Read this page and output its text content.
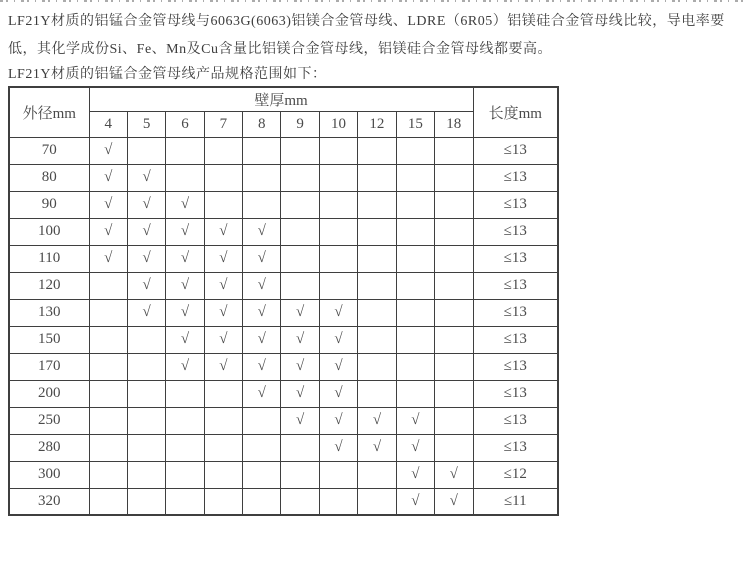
LF21Y材质的铝锰合金管母线与6063G(6063)铝镁合金管母线、LDRE（6R05）铝镁硅合金管母线比较，导电率要低，其化学成份Si、Fe、Mn及Cu含量比铝镁合金管母线，铝镁硅合金管母线都要高。

LF21Y材质的铝锰合金管母线产品规格范围如下：

外径mm	壁厚mm										长度mm
	4	5	6	7	8	9	10	12	15	18	
70	√										≤13
80	√	√									≤13
90	√	√	√								≤13
100	√	√	√	√	√						≤13
110	√	√	√	√	√						≤13
120		√	√	√	√						≤13
130		√	√	√	√	√	√				≤13
150			√	√	√	√	√				≤13
170			√	√	√	√	√				≤13
200					√	√	√				≤13
250						√	√	√	√		≤13
280							√	√	√		≤13
300									√	√	≤12
320									√	√	≤11
